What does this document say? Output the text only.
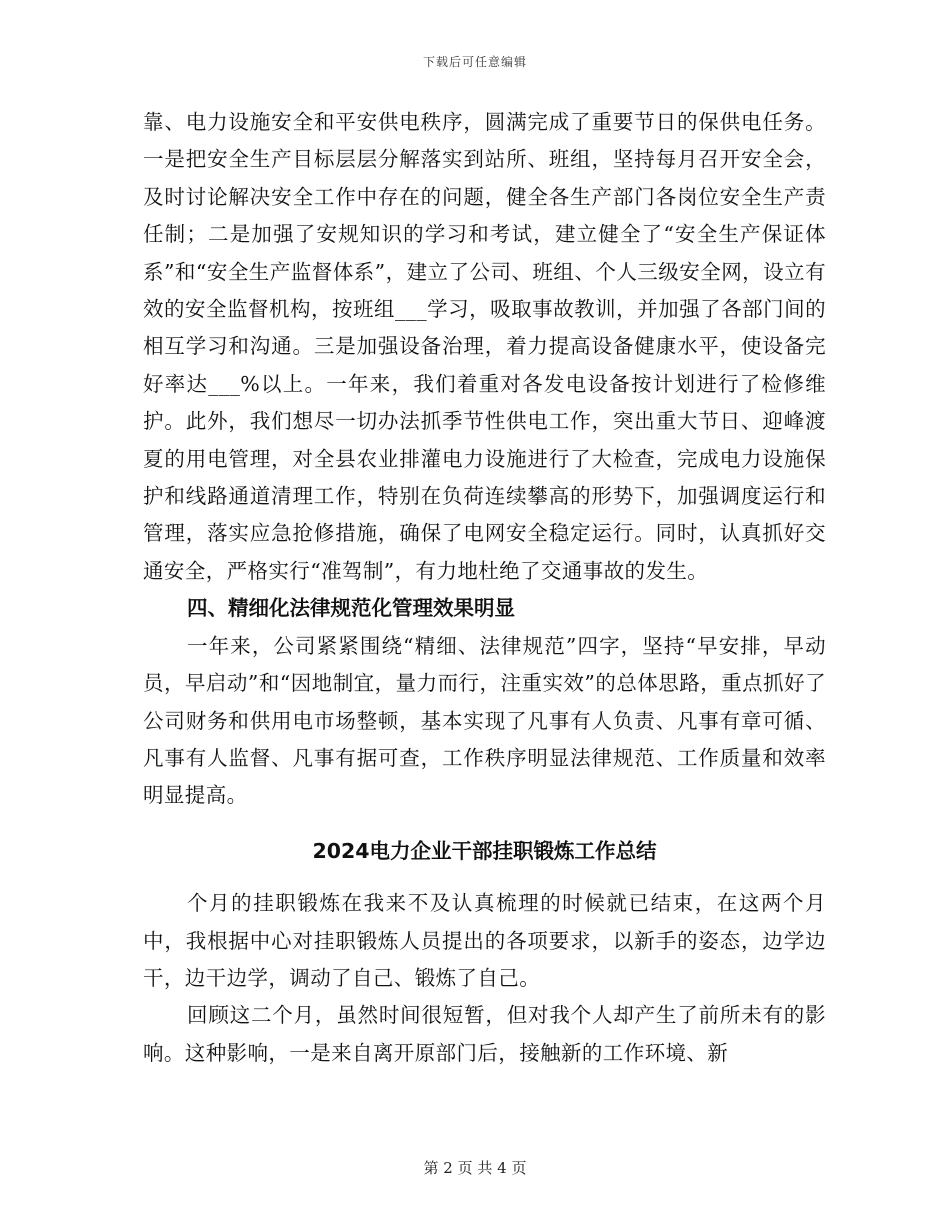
下载后可任意编辑

靠、电力设施安全和平安供电秩序，圆满完成了重要节日的保供电任务。一是把安全生产目标层层分解落实到站所、班组，坚持每月召开安全会，及时讨论解决安全工作中存在的问题，健全各生产部门各岗位安全生产责任制；二是加强了安规知识的学习和考试，建立健全了“安全生产保证体系”和“安全生产监督体系”，建立了公司、班组、个人三级安全网，设立有效的安全监督机构，按班组___学习，吸取事故教训，并加强了各部门间的相互学习和沟通。三是加强设备治理，着力提高设备健康水平，使设备完好率达___%以上。一年来，我们着重对各发电设备按计划进行了检修维护。此外，我们想尽一切办法抓季节性供电工作，突出重大节日、迎峰渡夏的用电管理，对全县农业排灌电力设施进行了大检查，完成电力设施保护和线路通道清理工作，特别在负荷连续攀高的形势下，加强调度运行和管理，落实应急抢修措施，确保了电网安全稳定运行。同时，认真抓好交通安全，严格实行“准驾制”，有力地杜绝了交通事故的发生。

四、精细化法律规范化管理效果明显

一年来，公司紧紧围绕“精细、法律规范”四字，坚持“早安排，早动员，早启动”和“因地制宜，量力而行，注重实效”的总体思路，重点抓好了公司财务和供用电市场整顿，基本实现了凡事有人负责、凡事有章可循、凡事有人监督、凡事有据可查，工作秩序明显法律规范、工作质量和效率明显提高。

2024电力企业干部挂职锻炼工作总结

个月的挂职锻炼在我来不及认真梳理的时候就已结束，在这两个月中，我根据中心对挂职锻炼人员提出的各项要求，以新手的姿态，边学边干，边干边学，调动了自己、锻炼了自己。

回顾这二个月，虽然时间很短暂，但对我个人却产生了前所未有的影响。这种影响，一是来自离开原部门后，接触新的工作环境、新

第 2 页 共 4 页
